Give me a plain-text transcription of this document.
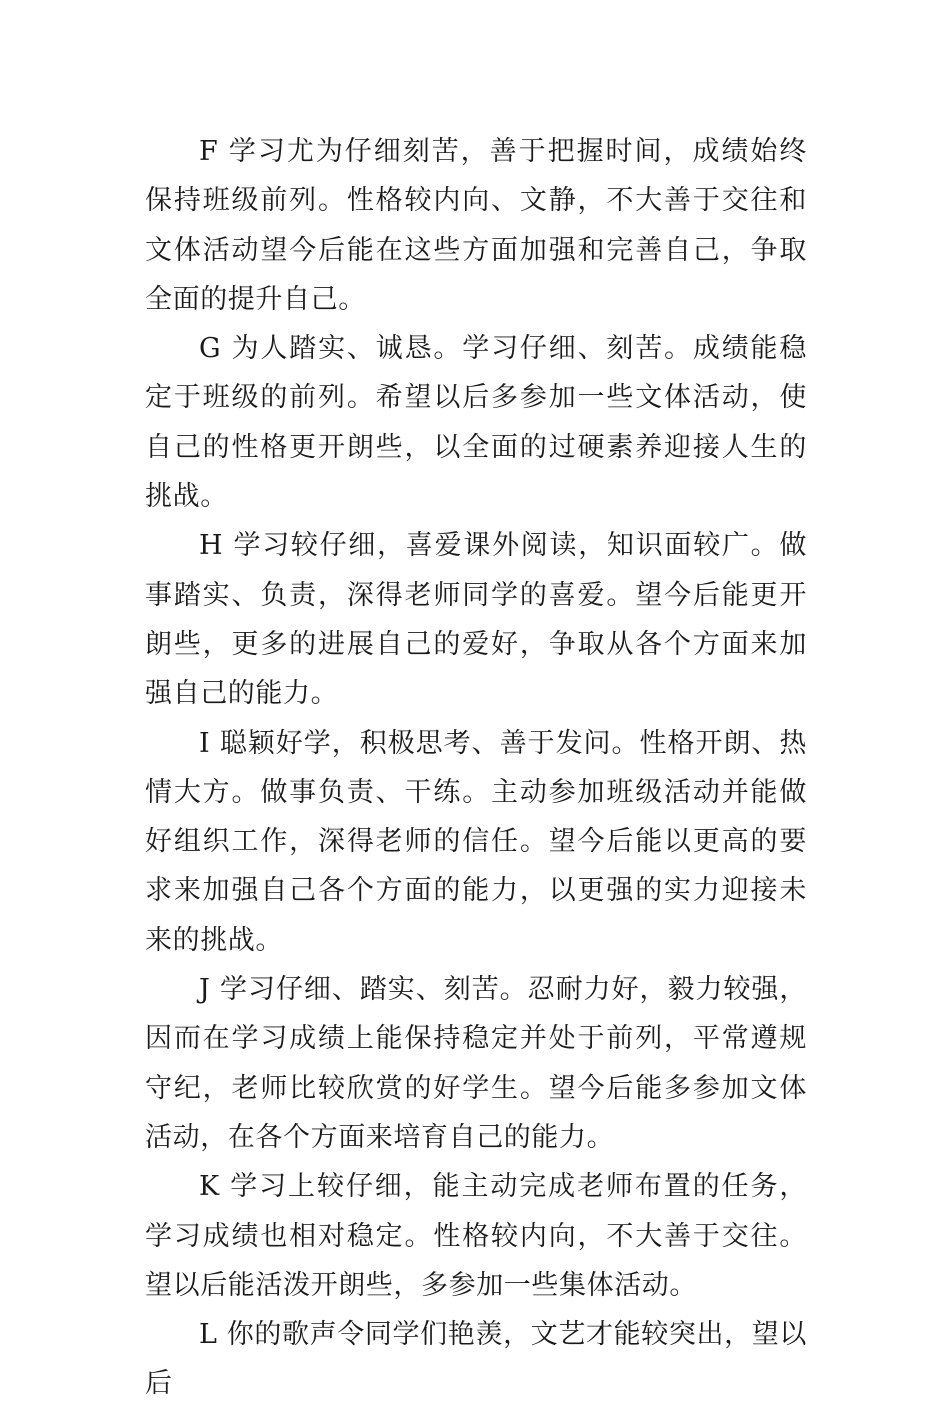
F 学习尤为仔细刻苦，善于把握时间，成绩始终保持班级前列。性格较内向、文静，不大善于交往和文体活动望今后能在这些方面加强和完善自己，争取全面的提升自己。

G 为人踏实、诚恳。学习仔细、刻苦。成绩能稳定于班级的前列。希望以后多参加一些文体活动，使自己的性格更开朗些，以全面的过硬素养迎接人生的挑战。

H 学习较仔细，喜爱课外阅读，知识面较广。做事踏实、负责，深得老师同学的喜爱。望今后能更开朗些，更多的进展自己的爱好，争取从各个方面来加强自己的能力。

I 聪颖好学，积极思考、善于发问。性格开朗、热情大方。做事负责、干练。主动参加班级活动并能做好组织工作，深得老师的信任。望今后能以更高的要求来加强自己各个方面的能力，以更强的实力迎接未来的挑战。

J 学习仔细、踏实、刻苦。忍耐力好，毅力较强，因而在学习成绩上能保持稳定并处于前列，平常遵规守纪，老师比较欣赏的好学生。望今后能多参加文体活动，在各个方面来培育自己的能力。

K 学习上较仔细，能主动完成老师布置的任务，学习成绩也相对稳定。性格较内向，不大善于交往。望以后能活泼开朗些，多参加一些集体活动。

L 你的歌声令同学们艳羡，文艺才能较突出，望以后
